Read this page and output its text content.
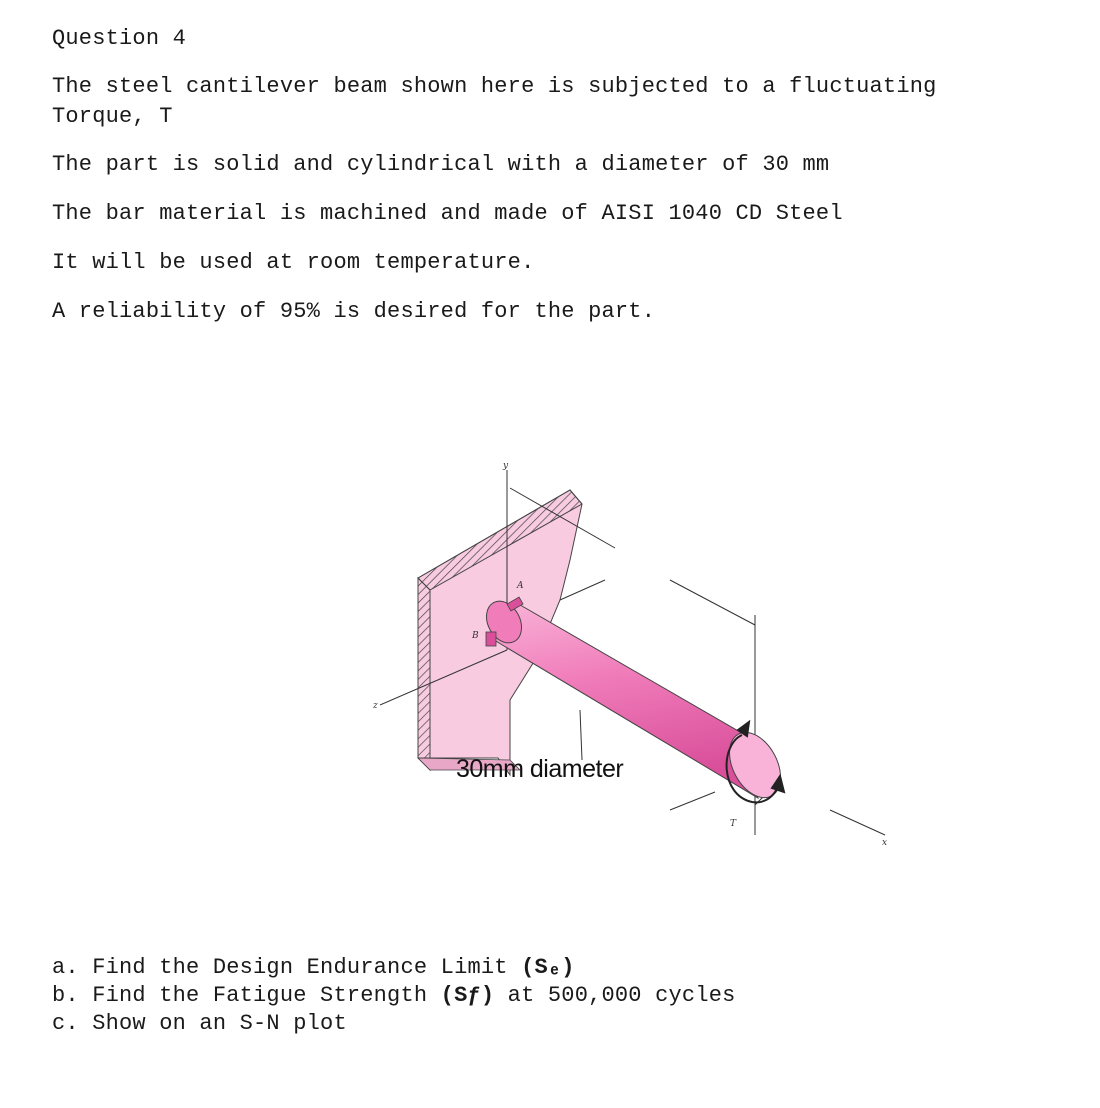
Question 4
The steel cantilever beam shown here is subjected to a fluctuating
Torque, T
The part is solid and cylindrical with a diameter of 30 mm
The bar material is machined and made of AISI 1040 CD Steel
It will be used at room temperature.
A reliability of 95% is desired for the part.
y
z
x
A
B
T
30mm diameter
a. Find the Design Endurance Limit (Sₑ)
b. Find the Fatigue Strength (Sƒ) at 500,000 cycles
c. Show on an S-N plot
